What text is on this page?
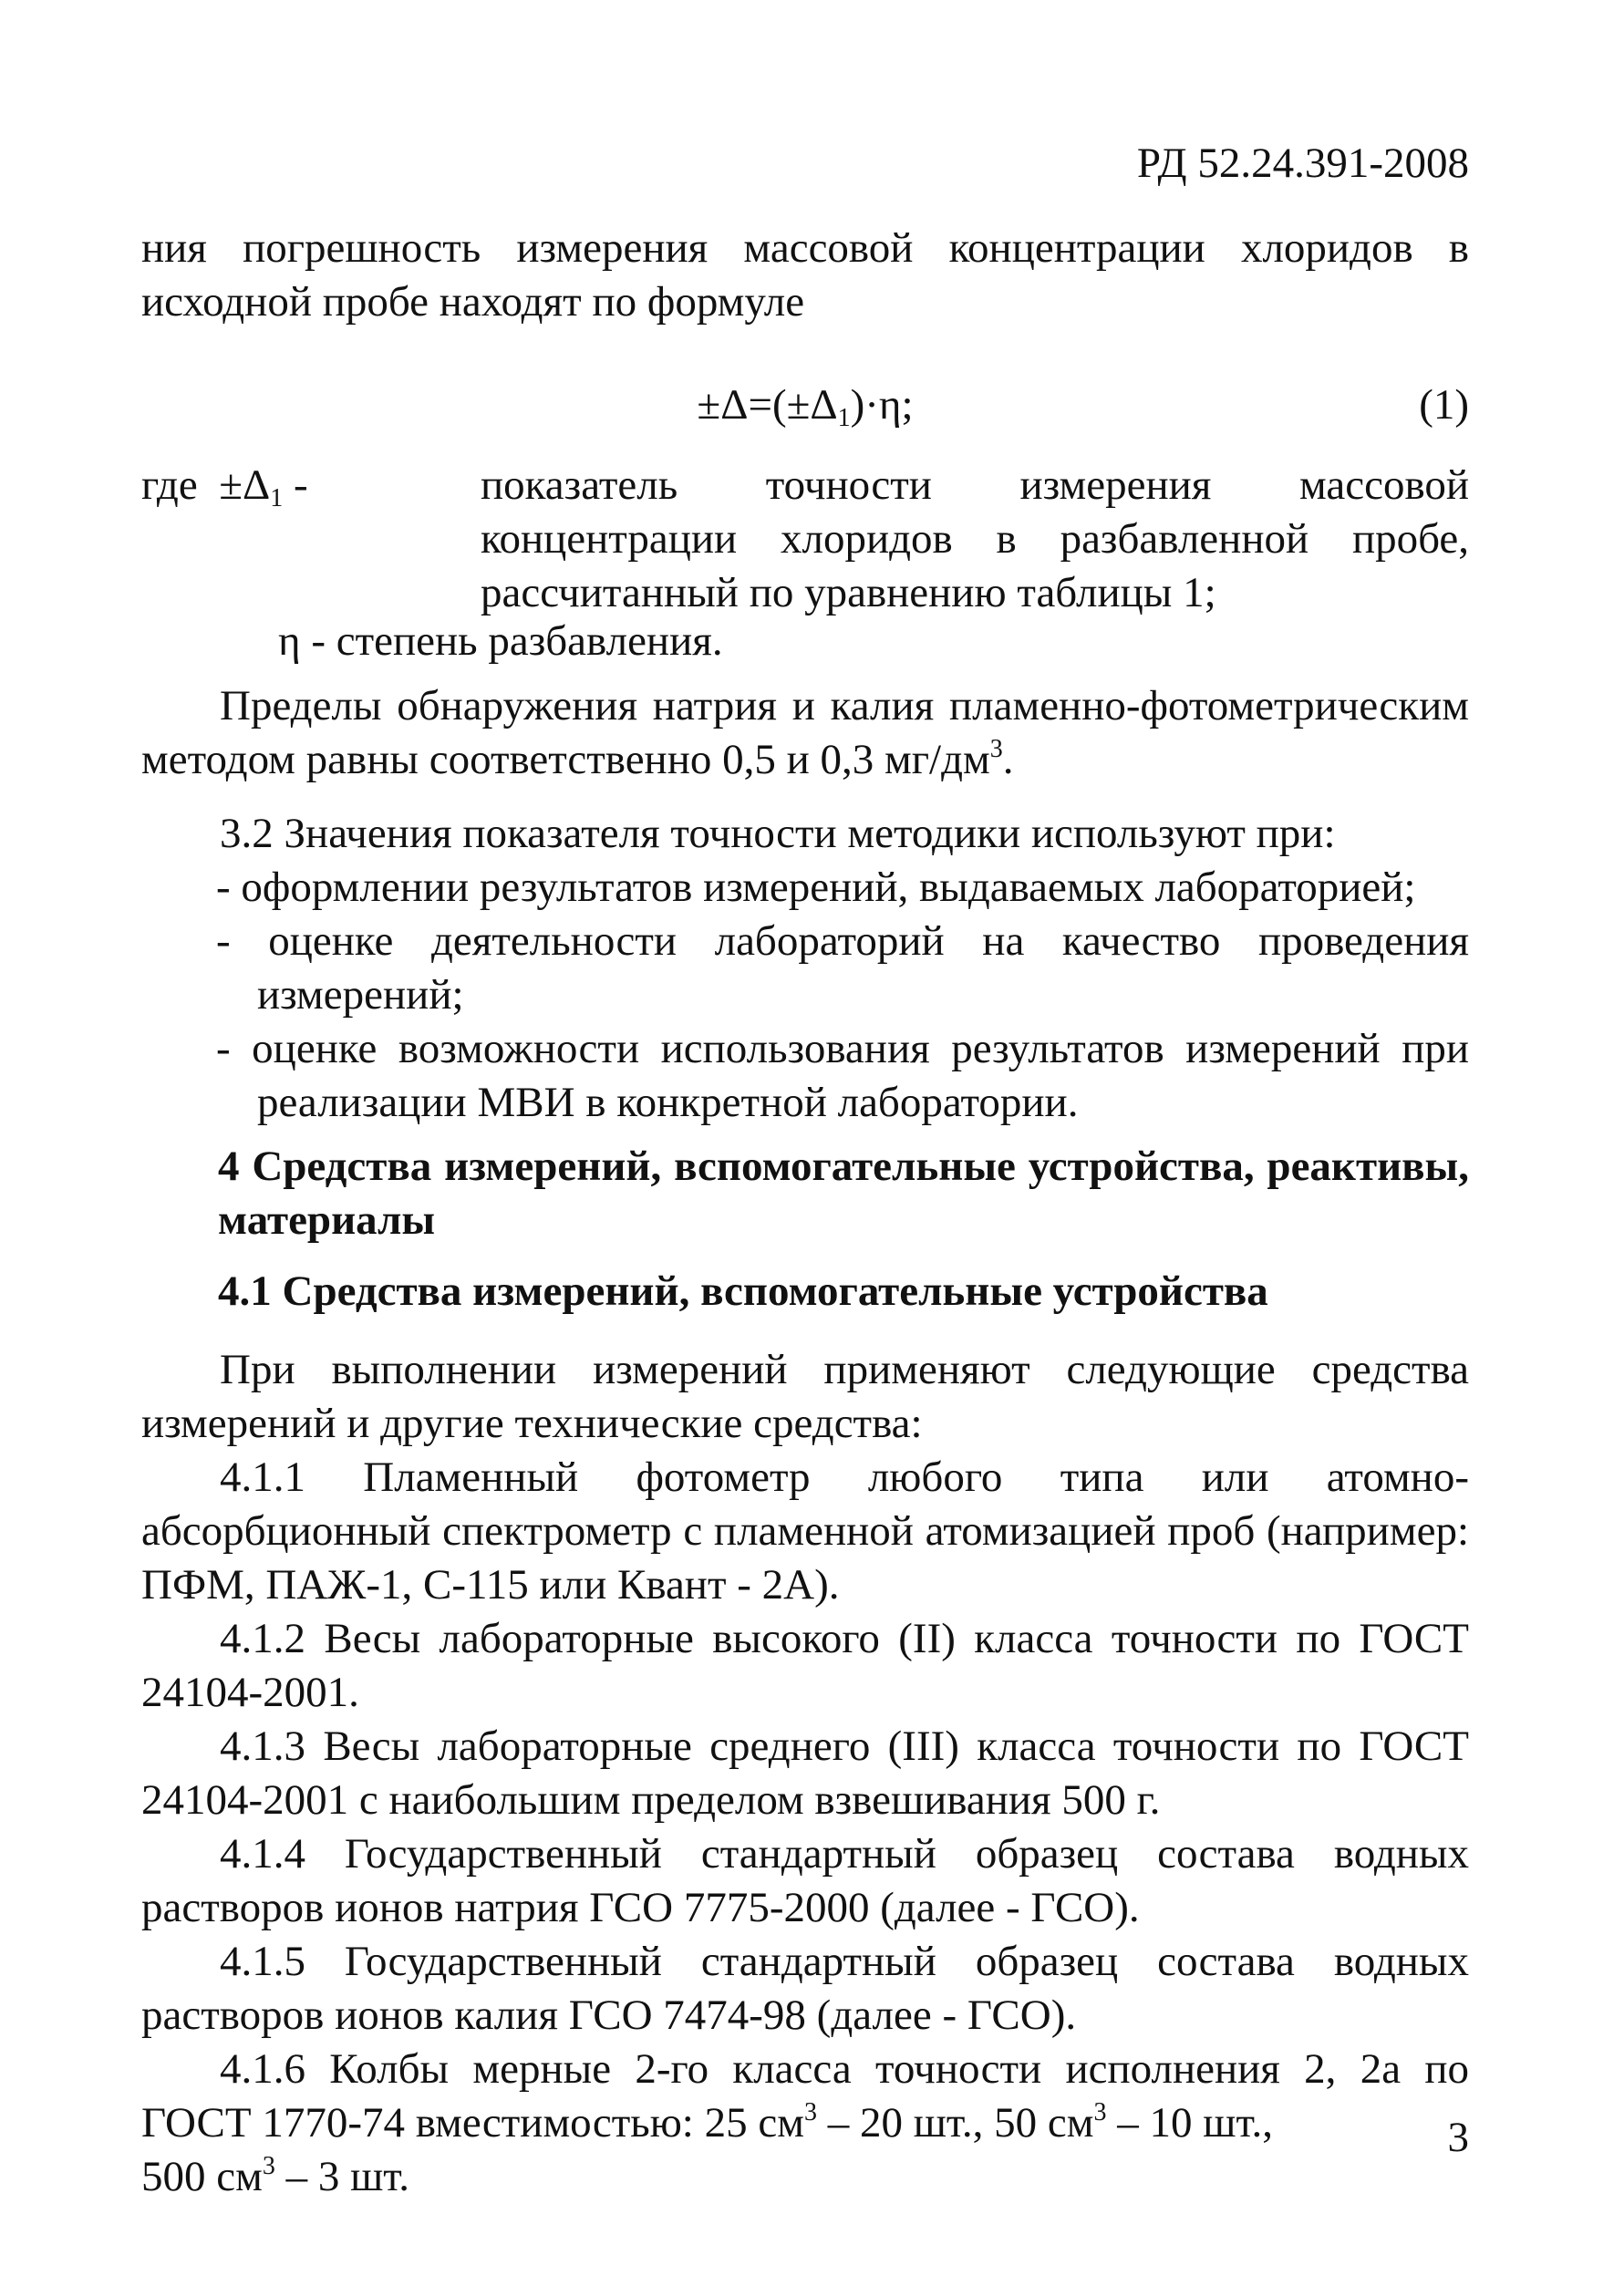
РД 52.24.391-2008

ния погрешность измерения массовой концентрации хлоридов в исходной пробе находят по формуле

$\pm\Delta=(\pm\Delta_1)\cdot\eta$;	(1)
где $\pm\Delta_1$ -	показатель точности измерения массовой концентрации хлоридов в разбавленной пробе, рассчитанный по уравнению таблицы 1;
η - степень разбавления.

Пределы обнаружения натрия и калия пламенно-фотометрическим методом равны соответственно 0,5 и 0,3 $мг/дм^3$.

3.2 Значения показателя точности методики используют при:

- оформлении результатов измерений, выдаваемых лабораторией;

- оценке деятельности лабораторий на качество проведения измерений;

- оценке возможности использования результатов измерений при реализации МВИ в конкретной лаборатории.

4 Средства измерений, вспомогательные устройства, реактивы, материалы

4.1 Средства измерений, вспомогательные устройства

При выполнении измерений применяют следующие средства измерений и другие технические средства:

4.1.1 Пламенный фотометр любого типа или атомно-абсорбционный спектрометр с пламенной атомизацией проб (например: ПФМ, ПАЖ-1, С-115 или Квант - 2А).

4.1.2 Весы лабораторные высокого (II) класса точности по ГОСТ 24104-2001.

4.1.3 Весы лабораторные среднего (III) класса точности по ГОСТ 24104-2001 с наибольшим пределом взвешивания 500 г.

4.1.4 Государственный стандартный образец состава водных растворов ионов натрия ГСО 7775-2000 (далее - ГСО).

4.1.5 Государственный стандартный образец состава водных растворов ионов калия ГСО 7474-98 (далее - ГСО).

4.1.6 Колбы мерные 2-го класса точности исполнения 2, 2а по ГОСТ 1770-74 вместимостью: 25 $см^3 - 20$ шт., 50 $см^3 - 10$ шт.,
500 $см^3 - 3$ шт.

3
